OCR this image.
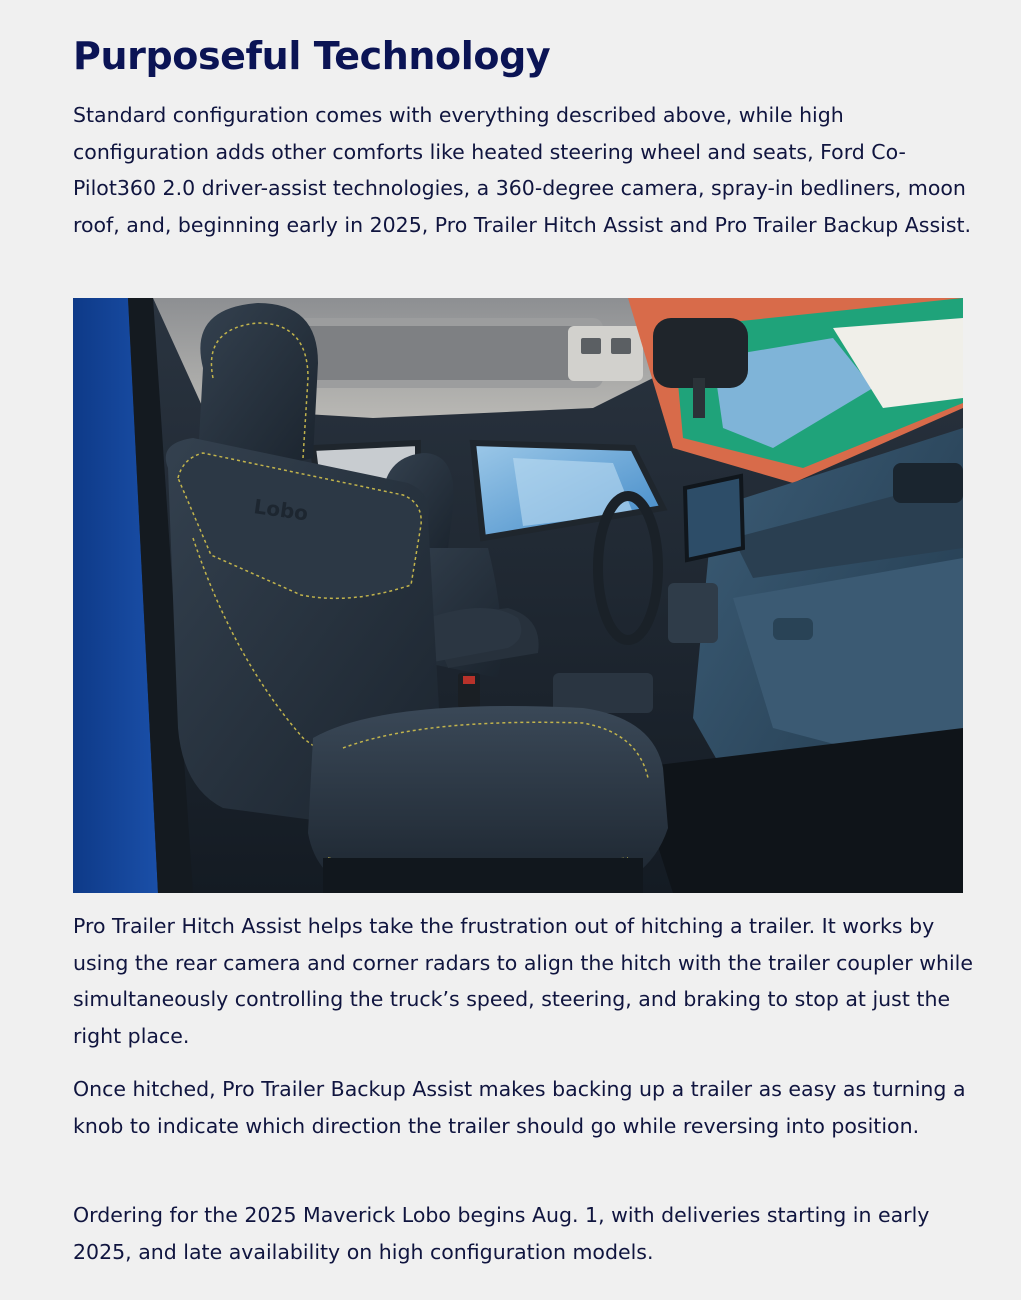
Purposeful Technology

Standard configuration comes with everything described above, while high configuration adds other comforts like heated steering wheel and seats, Ford Co-Pilot360 2.0 driver-assist technologies, a 360-degree camera, spray-in bedliners, moon roof, and, beginning early in 2025, Pro Trailer Hitch Assist and Pro Trailer Backup Assist.

Lobo

Pro Trailer Hitch Assist helps take the frustration out of hitching a trailer. It works by using the rear camera and corner radars to align the hitch with the trailer coupler while simultaneously controlling the truck’s speed, steering, and braking to stop at just the right place.

Once hitched, Pro Trailer Backup Assist makes backing up a trailer as easy as turning a knob to indicate which direction the trailer should go while reversing into position.

Ordering for the 2025 Maverick Lobo begins Aug. 1, with deliveries starting in early 2025, and late availability on high configuration models.
